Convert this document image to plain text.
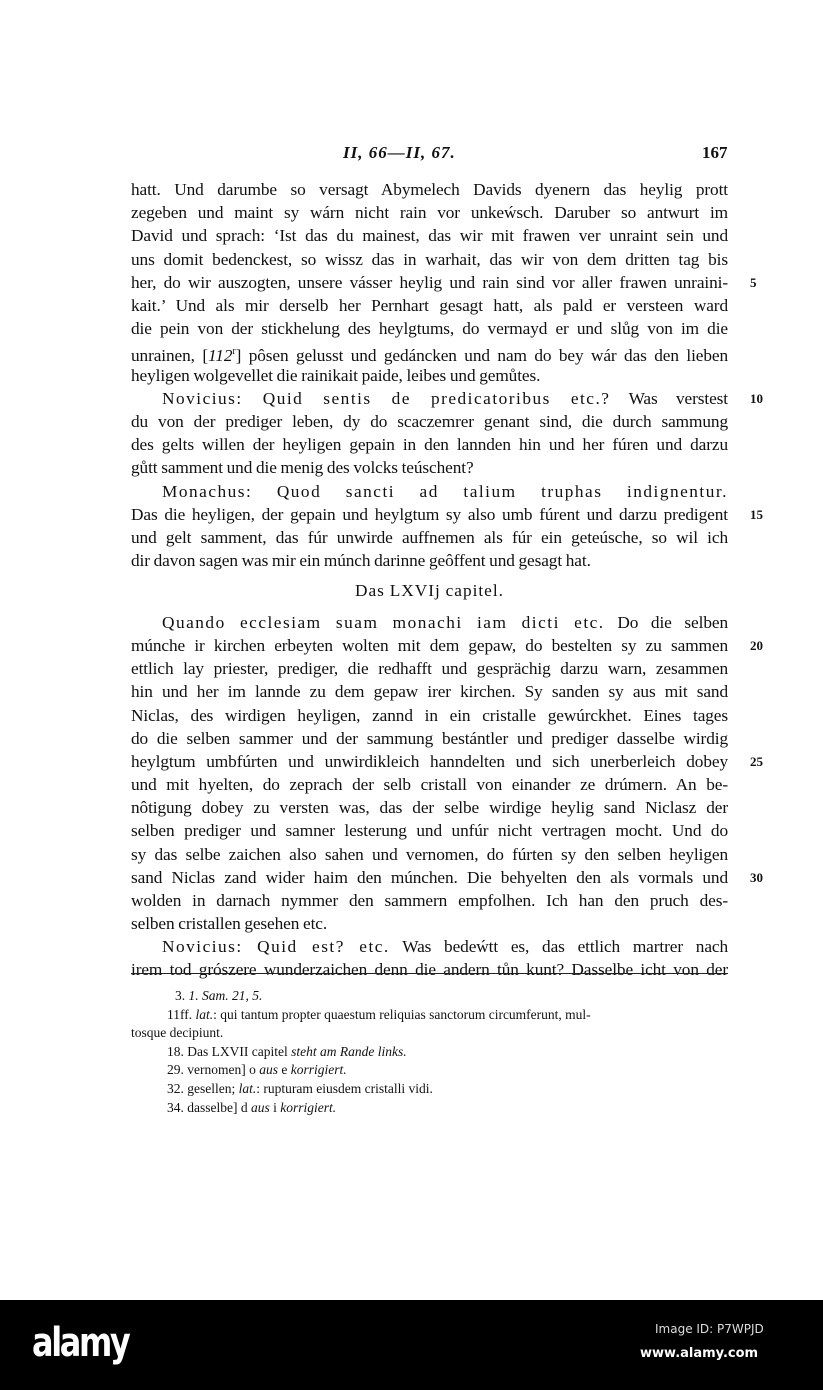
II, 66—II, 67.	167
hatt. Und darumbe so versagt Abymelech Davids dyenern das heylig prott
zegeben und maint sy wárn nicht rain vor unkeẃsch. Daruber so antwurt im
David und sprach: ‘Ist das du mainest, das wir mit frawen ver unraint sein und
uns domit bedenckest, so wissz das in warhait, das wir von dem dritten tag bis
her, do wir auszogten, unsere vásser heylig und rain sind vor aller frawen unraini- 5
kait.’ Und als mir derselb her Pernhart gesagt hatt, als pald er versteen ward
die pein von der stickhelung des heylgtums, do vermayd er und slůg von im die
unrainen, [112$^r$] pôsen gelusst und gedáncken und nam do bey wár das den lieben
heyligen wolgevellet die rainikait paide, leibes und gemůtes.
Novicius: Quid sentis de predicatoribus etc.? Was verstest 10
du von der prediger leben, dy do scaczemrer genant sind, die durch sammung
des gelts willen der heyligen gepain in den lannden hin und her fúren und darzu
gůtt samment und die menig des volcks teúschent?
Monachus: Quod sancti ad talium truphas indignentur.
Das die heyligen, der gepain und heylgtum sy also umb fúrent und darzu predigent 15
und gelt samment, das fúr unwirde auffnemen als fúr ein geteúsche, so wil ich
dir davon sagen was mir ein múnch darinne geôffent und gesagt hat.
Quando ecclesiam suam monachi iam dicti etc. Do die selben
múnche ir kirchen erbeyten wolten mit dem gepaw, do bestelten sy zu sammen 20
ettlich lay priester, prediger, die redhafft und gesprächig darzu warn, zesammen
hin und her im lannde zu dem gepaw irer kirchen. Sy sanden sy aus mit sand
Niclas, des wirdigen heyligen, zannd in ein cristalle gewúrckhet. Eines tages
do die selben sammer und der sammung bestántler und prediger dasselbe wirdig
heylgtum umbfúrten und unwirdikleich hanndelten und sich unerberleich dobey 25
und mit hyelten, do zeprach der selb cristall von einander ze drúmern. An be-
nôtigung dobey zu versten was, das der selbe wirdige heylig sand Niclasz der
selben prediger und samner lesterung und unfúr nicht vertragen mocht. Und do
sy das selbe zaichen also sahen und vernomen, do fúrten sy den selben heyligen
sand Niclas zand wider haim den múnchen. Die behyelten den als vormals und 30
wolden in darnach nymmer den sammern empfolhen. Ich han den pruch des-
selben cristallen gesehen etc.
Novicius: Quid est? etc. Was bedeẃtt es, das ettlich martrer nach
irem tod grószere wunderzaichen denn die andern tůn kunt? Dasselbe icht von der
Das LXVIj capitel.
3. 1. Sam. 21, 5.
11ff. lat.: qui tantum propter quaestum reliquias sanctorum circumferunt, mul-
tosque decipiunt.
18. Das LXVII capitel steht am Rande links.
29. vernomen] o aus e korrigiert.
32. gesellen; lat.: rupturam eiusdem cristalli vidi.
34. dasselbe] d aus i korrigiert.
alamy	Image ID: P7WPJD
www.alamy.com
